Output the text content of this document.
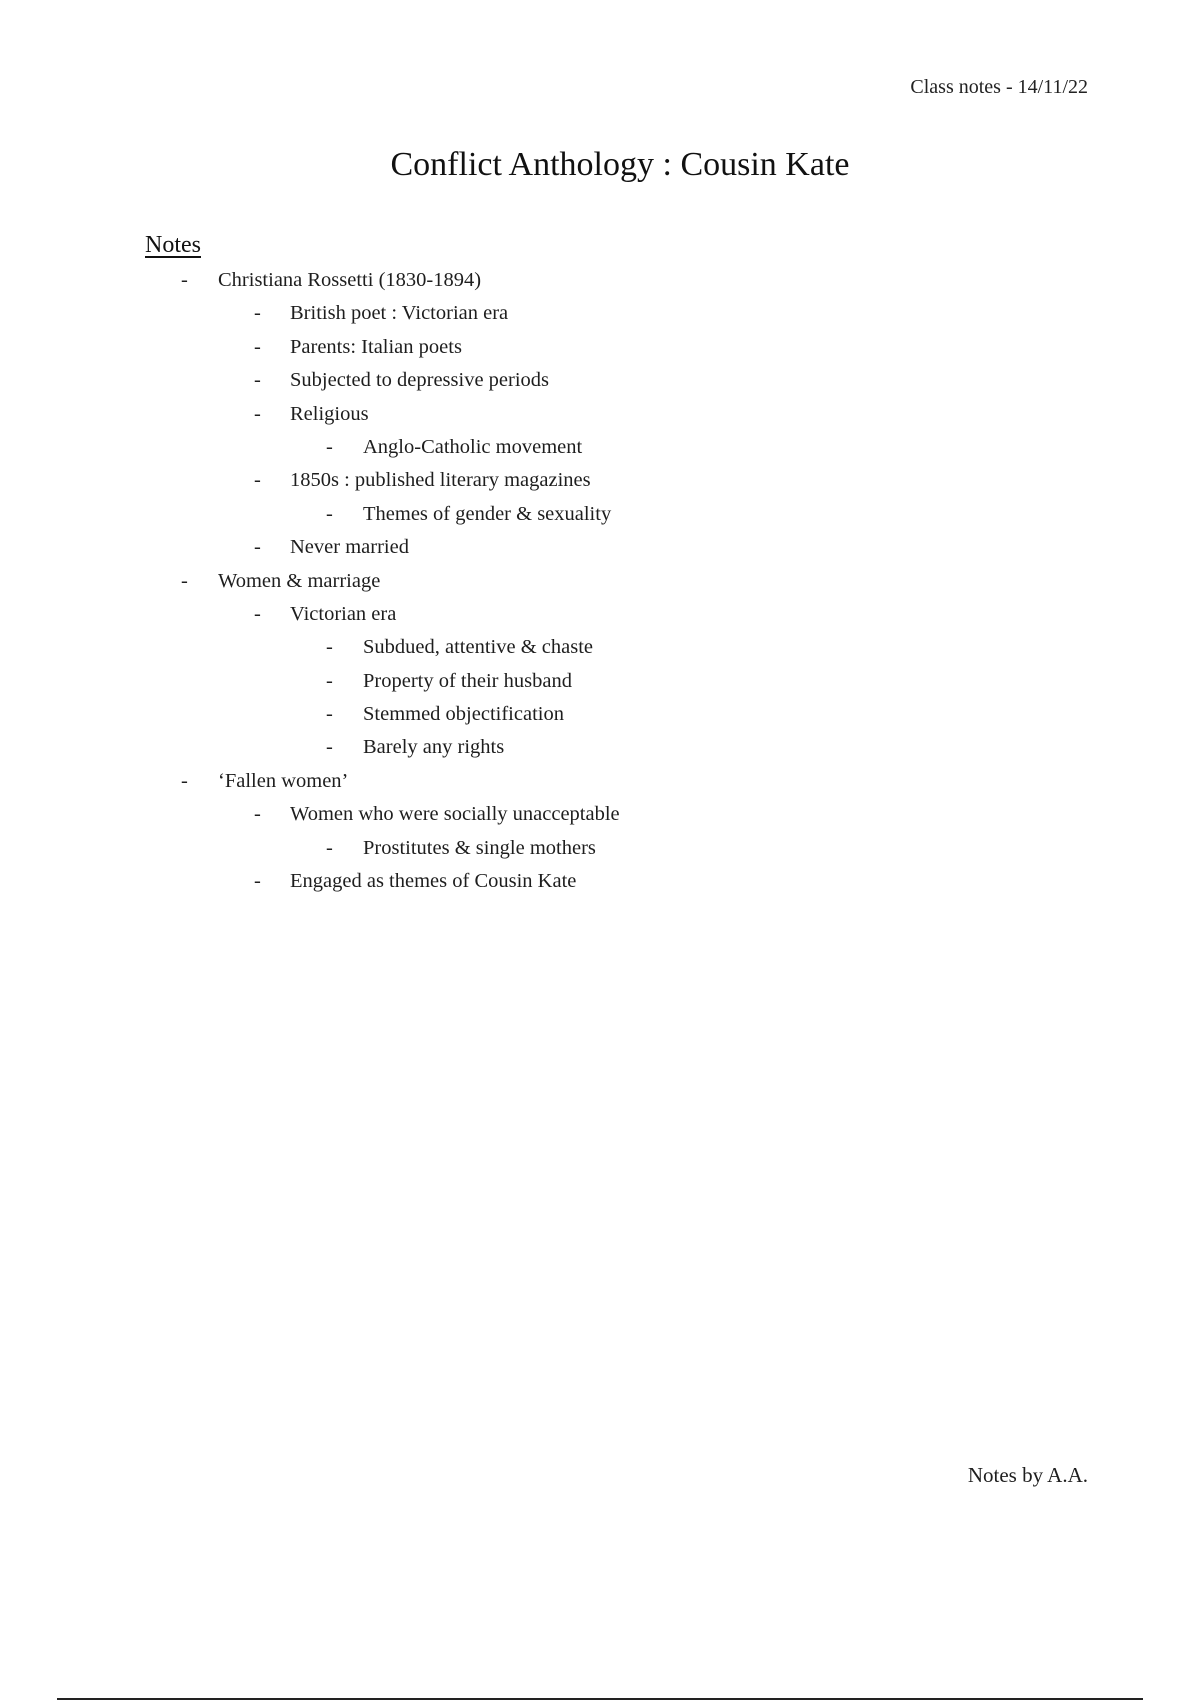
Class notes - 14/11/22
Conflict Anthology : Cousin Kate
Notes
- Christiana Rossetti (1830-1894)
- British poet : Victorian era
- Parents: Italian poets
- Subjected to depressive periods
- Religious
- Anglo-Catholic movement
- 1850s : published literary magazines
- Themes of gender & sexuality
- Never married
- Women & marriage
- Victorian era
- Subdued, attentive & chaste
- Property of their husband
- Stemmed objectification
- Barely any rights
- ‘Fallen women’
- Women who were socially unacceptable
- Prostitutes & single mothers
- Engaged as themes of Cousin Kate
Notes by A.A.
